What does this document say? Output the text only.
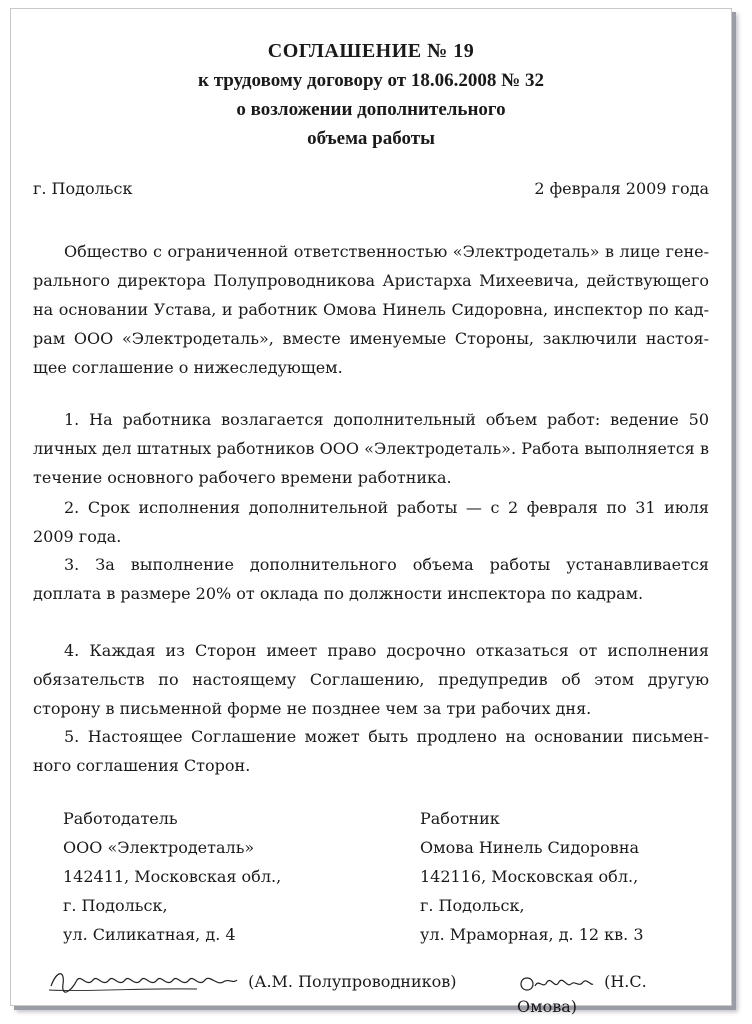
СОГЛАШЕНИЕ № 19
к трудовому договору от 18.06.2008 № 32
о возложении дополнительного
объема работы
г. Подольск	2 февраля 2009 года
Общество с ограниченной ответственностью «Электродеталь» в лице генерального директора Полупроводникова Аристарха Михеевича, действующего на основании Устава, и работник Омова Нинель Сидоровна, инспектор по кадрам ООО «Электродеталь», вместе именуемые Стороны, заключили настоящее соглашение о нижеследующем.
1. На работника возлагается дополнительный объем работ: ведение 50 личных дел штатных работников ООО «Электродеталь». Работа выполняется в течение основного рабочего времени работника.
2. Срок исполнения дополнительной работы — с 2 февраля по 31 июля 2009 года.
3. За выполнение дополнительного объема работы устанавливается доплата в размере 20% от оклада по должности инспектора по кадрам.
4. Каждая из Сторон имеет право досрочно отказаться от исполнения обязательств по настоящему Соглашению, предупредив об этом другую сторону в письменной форме не позднее чем за три рабочих дня.
5. Настоящее Соглашение может быть продлено на основании письменного соглашения Сторон.
Работодатель
ООО «Электродеталь»
142411, Московская обл.,
г. Подольск,
ул. Силикатная, д. 4
Работник
Омова Нинель Сидоровна
142116, Московская обл.,
г. Подольск,
ул. Мраморная, д. 12 кв. 3
(А.М. Полупроводников)	(Н.С. Омова)
